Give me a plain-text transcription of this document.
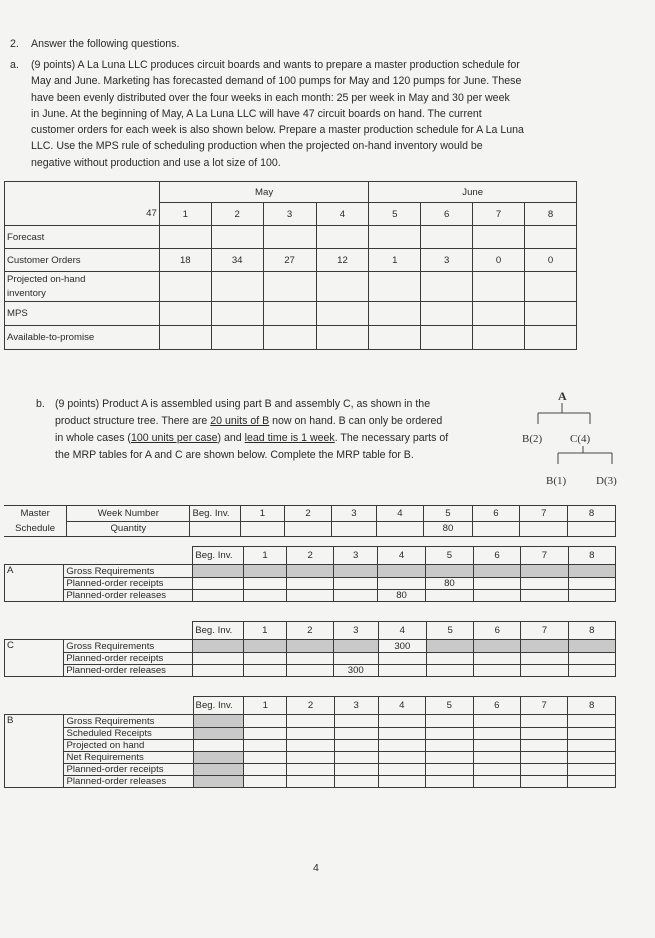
2. Answer the following questions.
a. (9 points) A La Luna LLC produces circuit boards and wants to prepare a master production schedule for
May and June. Marketing has forecasted demand of 100 pumps for May and 120 pumps for June. These
have been evenly distributed over the four weeks in each month: 25 per week in May and 30 per week
in June. At the beginning of May, A La Luna LLC will have 47 circuit boards on hand. The current
customer orders for each week is also shown below. Prepare a master production schedule for A La Luna
LLC. Use the MPS rule of scheduling production when the projected on-hand inventory would be
negative without production and use a lot size of 100.
	May				June			
47	1	2	3	4	5	6	7	8
Forecast								
Customer Orders	18	34	27	12	1	3	0	0

Projected on-hand
inventory								

MPS								
Available-to-promise								
b. (9 points) Product A is assembled using part B and assembly C, as shown in the
product structure tree. There are 20 units of B now on hand. B can only be ordered
in whole cases (100 units per case) and lead time is 1 week. The necessary parts of
the MRP tables for A and C are shown below. Complete the MRP table for B.
A
B(2)	C(4)
B(1)	D(3)
Master
Schedule	Week Number	Beg. Inv.	1	2	3	4	5	6	7	8
	Quantity						80			
		Beg. Inv.	1	2	3	4	5	6	7	8
A	Gross Requirements									
	Planned-order receipts						80			
	Planned-order releases					80				
		Beg. Inv.	1	2	3	4	5	6	7	8
C	Gross Requirements					300				
	Planned-order receipts									
	Planned-order releases				300					
		Beg. Inv.	1	2	3	4	5	6	7	8
B	Gross Requirements									
	Scheduled Receipts									
	Projected on hand									
	Net Requirements									
	Planned-order receipts									
	Planned-order releases									
4
